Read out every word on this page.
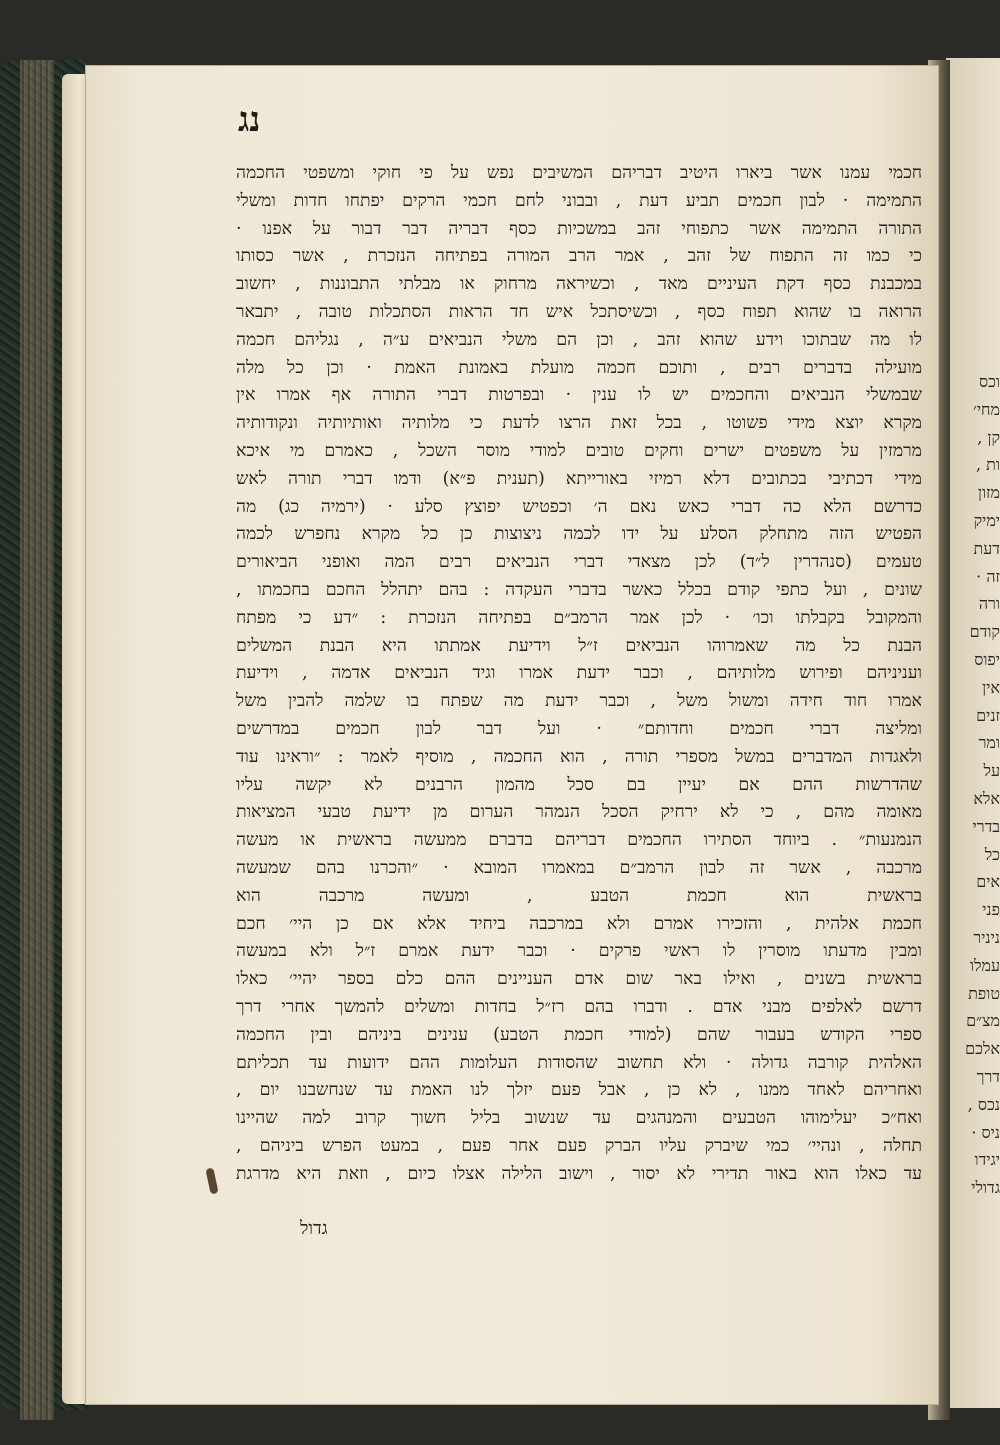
נג
חכמי עמנו אשר ביארו היטיב דבריהם המשיבים נפש על פי חוקי ומשפטי החכמה
התמימה · לבון חכמים תביע דעת , ובבוני לחם חכמי הרקים יפתחו חדות ומשלי
התורה התמימה אשר כתפוחי זהב במשכיות כסף דבריה דבר דבור על אפנו ·
כי כמו זה התפוח של זהב , אמר הרב המורה בפתיחה הנזכרת , אשר כסותו
במכבנת כסף דקת העיניים מאד , וכשיראה מרחוק או מבלתי התבוננות , יחשוב
הרואה בו שהוא תפוח כסף , וכשיסתכל איש חד הראות הסתכלות טובה , יתבאר
לו מה שבתוכו וידע שהוא זהב , וכן הם משלי הנביאים ע״ה , נגליהם חכמה
מועילה בדברים רבים , ותוכם חכמה מועלת באמונת האמת · וכן כל מלה
שבמשלי הנביאים והחכמים יש לו ענין · ובפרטות דברי התורה אף אמרו אין
מקרא יוצא מידי פשוטו , בכל זאת הרצו לדעת כי מלותיה ואותיותיה ונקודותיה
מרמזין על משפטים ישרים וחקים טובים למודי מוסר השכל , כאמרם מי איכא
מידי דכתיבי בכתובים דלא רמיזי באורייתא (תענית פ״א) ודמו דברי תורה לאש
כדרשם הלא כה דברי כאש נאם ה׳ וכפטיש יפוצץ סלע · (ירמיה כג) מה
הפטיש הזה מתחלק הסלע על ידו לכמה ניצוצות כן כל מקרא נחפרש לכמה
טעמים (סנהדרין ל״ד) לכן מצאדי דברי הנביאים רבים המה ואופני הביאורים
שונים , ועל כתפי קודם בכלל כאשר בדברי העקדה : בהם יתהלל החכם בחכמתו ,
והמקובל בקבלתו וכו׳ · לכן אמר הרמב״ם בפתיחה הנזכרת : ״דע כי מפתח
הבנת כל מה שאמרוהו הנביאים ז״ל וידיעת אמתתו היא הבנת המשלים
ועניניהם ופירוש מלותיהם , וכבר ידעת אמרו וגיד הנביאים אדמה , וידיעת
אמרו חוד חידה ומשול משל , וכבר ידעת מה שפתח בו שלמה להבין משל
ומליצה דברי חכמים וחדותם״ · ועל דבר לבון חכמים במדרשים
ולאגדות המדברים במשל מספרי תורה , הוא החכמה , מוסיף לאמר : ״וראינו עוד
שהדרשות ההם אם יעיין בם סכל מהמון הרבנים לא יקשה עליו
מאומה מהם , כי לא ירחיק הסכל הנמהר הערום מן ידיעת טבעי המציאות
הנמנעות״ . ביוחד הסתירו החכמים דבריהם בדברם ממעשה בראשית או מעשה
מרכבה , אשר זה לבון הרמב״ם במאמרו המובא · ״והכרנו בהם שמעשה
בראשית הוא חכמת הטבע , ומעשה מרכבה הוא
חכמת אלהית , והזכירו אמרם ולא במרכבה ביחיד אלא אם כן היי׳ חכם
ומבין מדעתו מוסרין לו ראשי פרקים · וכבר ידעת אמרם ז״ל ולא במעשה
בראשית בשנים , ואילו באר שום אדם העניינים ההם כלם בספר יהיי׳ כאלו
דרשם לאלפים מבני אדם . ודברו בהם רז״ל בחדות ומשלים להמשך אחרי דרך
ספרי הקודש בעבור שהם (למודי חכמת הטבע) ענינים ביניהם ובין החכמה
האלהית קורבה גדולה · ולא תחשוב שהסודות העלומות ההם ידועות עד תכליתם
ואחריהם לאחד ממנו , לא כן , אבל פעם יזלך לנו האמת עד שנחשבנו יום ,
ואח״כ יעלימוהו הטבעים והמנהגים עד שנשוב בליל חשוך קרוב למה שהיינו
תחלה , ונהיי׳ כמי שיברק עליו הברק פעם אחר פעם , במעט הפרש ביניהם ,
עד כאלו הוא באור תדירי לא יסור , וישוב הלילה אצלו כיום , וזאת היא מדרגת
גדול
וכס
מחי׳
קן ,
ות ,
מזון
ימיק
דעת
זה ·
ורה
קודם
יפוס
אין
זנים
ומר
על
אלא
בדרי
כל
אים
פני
ניניר
עמלו
טופת
מצ״ם
אלכם
דרך
נכס ,
ניס ·
יגידו
גדולי
